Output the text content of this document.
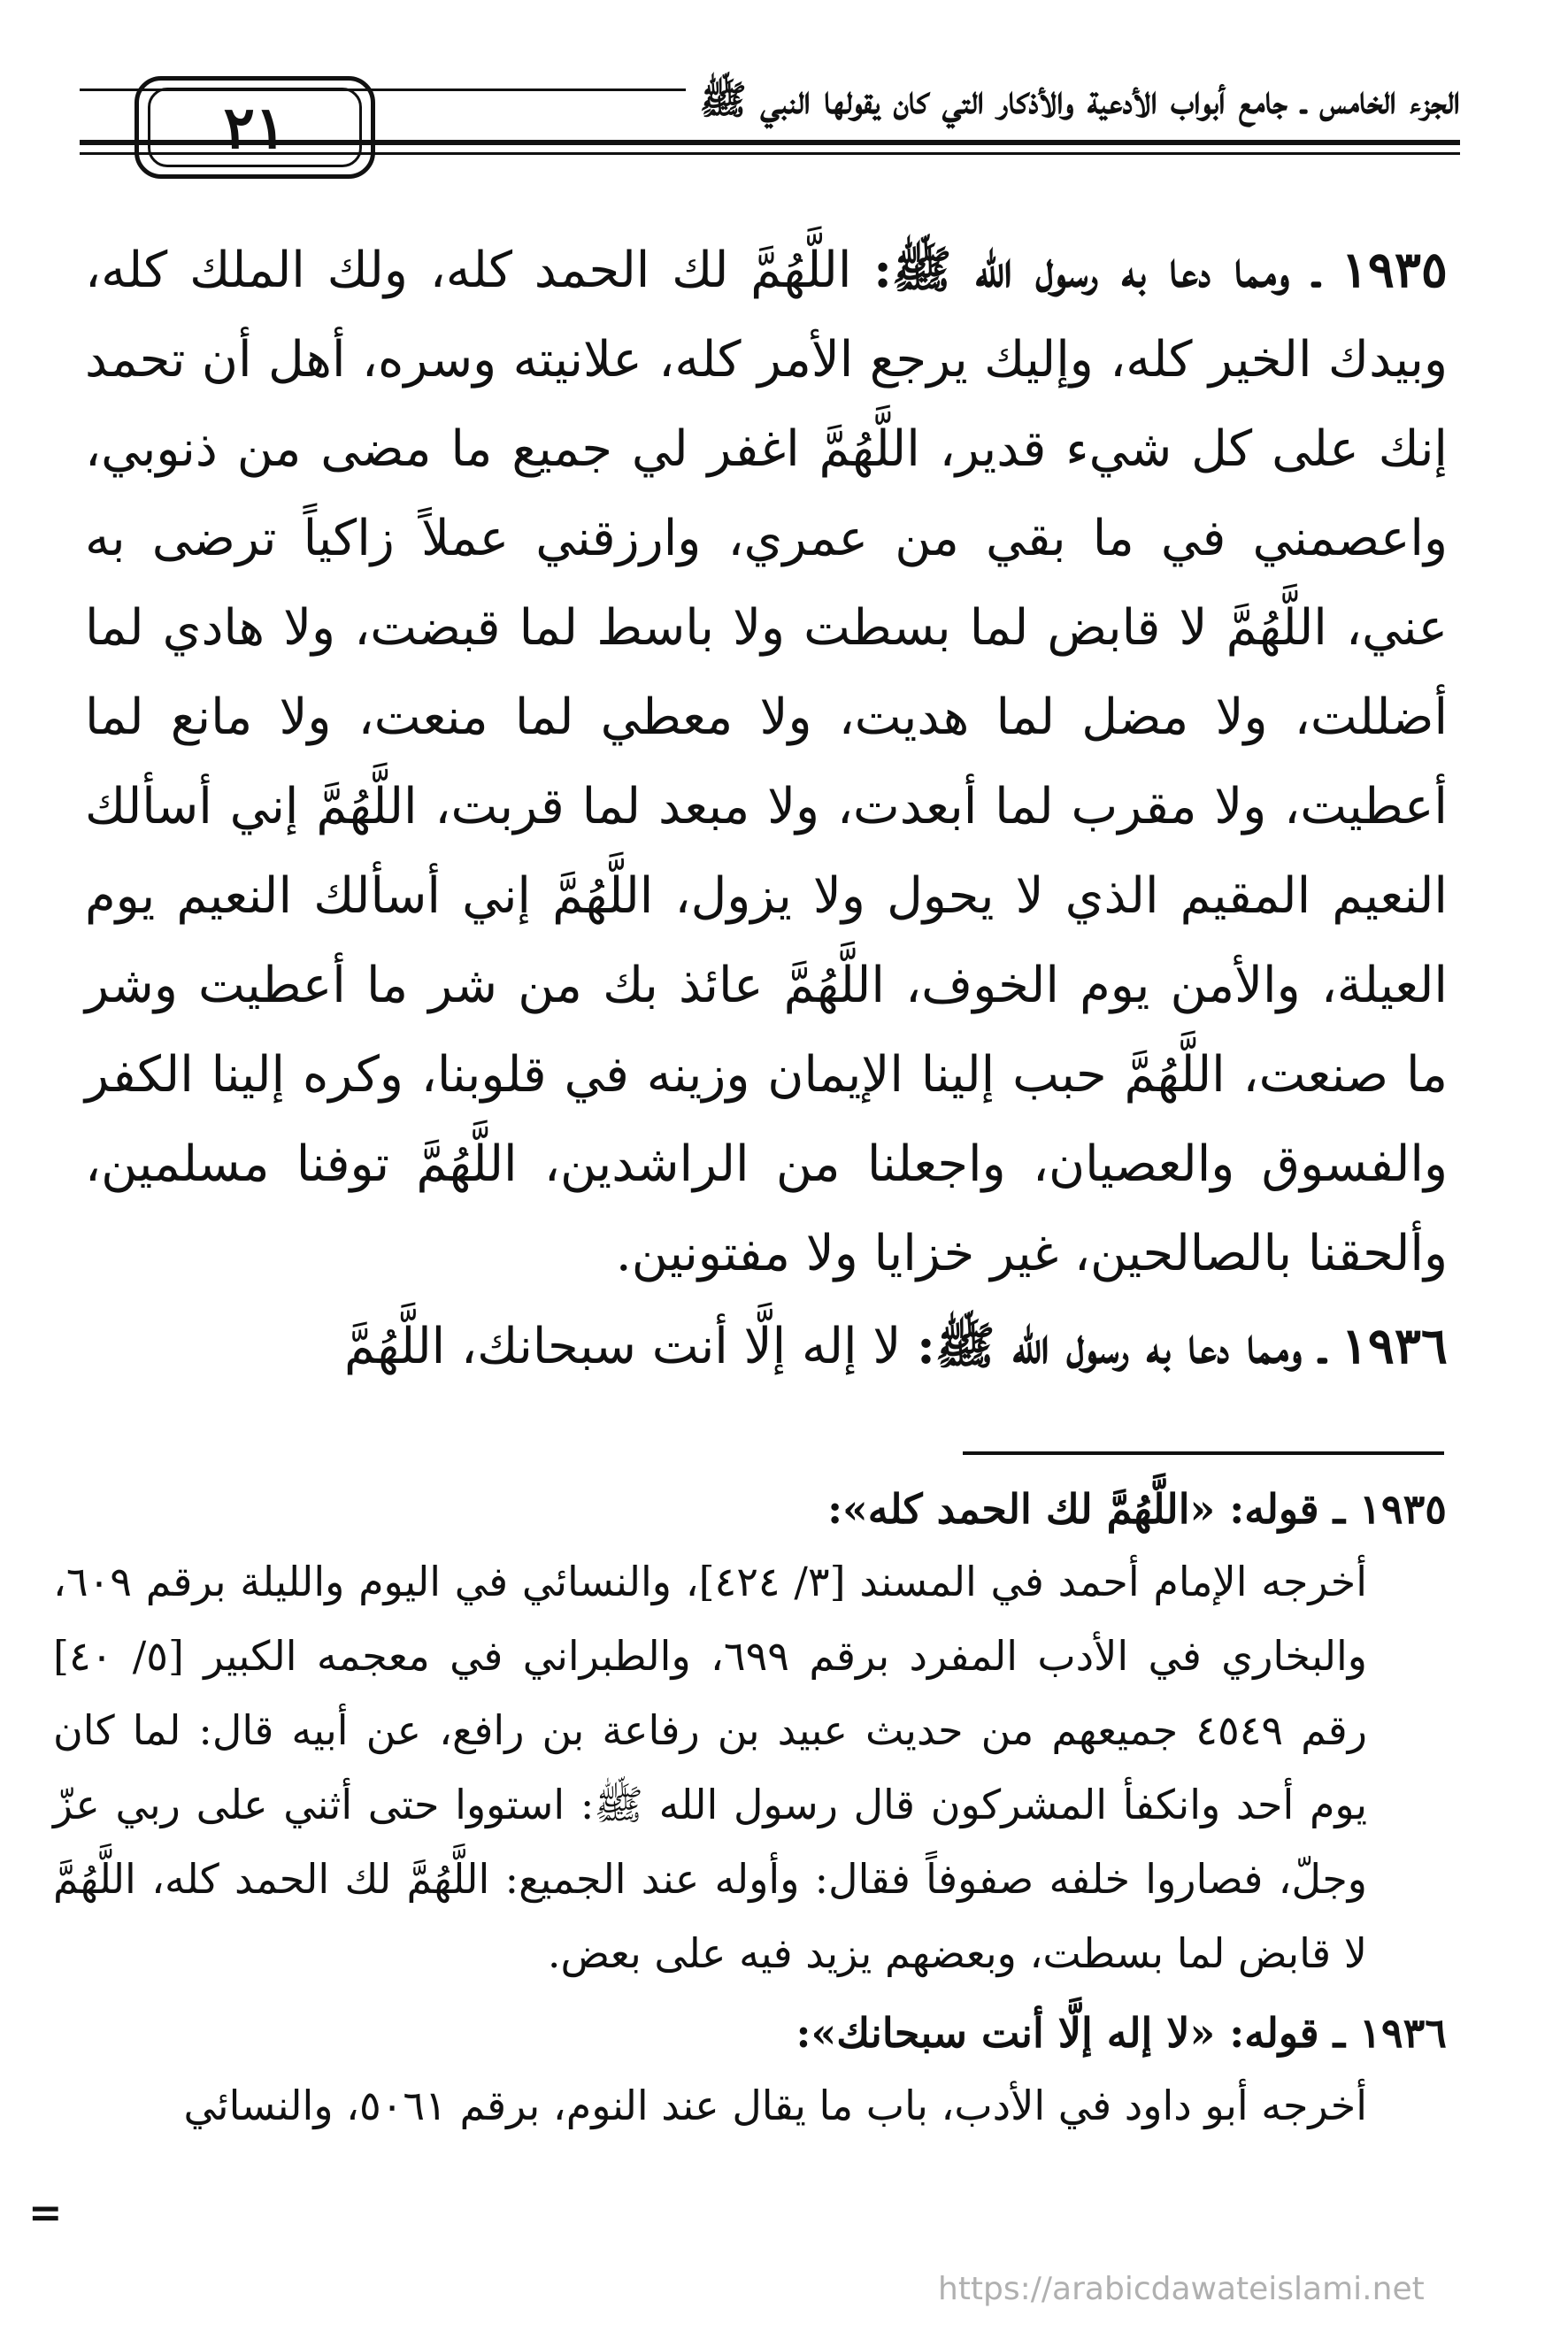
٢١	الجزء الخامس ـ جامع أبواب الأدعية والأذكار التي كان يقولها النبي ﷺ

١٩٣٥ ـ ومما دعا به رسول الله ﷺ: اللَّهُمَّ لك الحمد كله، ولك الملك كله، وبيدك الخير كله، وإليك يرجع الأمر كله، علانيته وسره، أهل أن تحمد إنك على كل شيء قدير، اللَّهُمَّ اغفر لي جميع ما مضى من ذنوبي، واعصمني في ما بقي من عمري، وارزقني عملاً زاكياً ترضى به عني، اللَّهُمَّ لا قابض لما بسطت ولا باسط لما قبضت، ولا هادي لما أضللت، ولا مضل لما هديت، ولا معطي لما منعت، ولا مانع لما أعطيت، ولا مقرب لما أبعدت، ولا مبعد لما قربت، اللَّهُمَّ إني أسألك النعيم المقيم الذي لا يحول ولا يزول، اللَّهُمَّ إني أسألك النعيم يوم العيلة، والأمن يوم الخوف، اللَّهُمَّ عائذ بك من شر ما أعطيت وشر ما صنعت، اللَّهُمَّ حبب إلينا الإيمان وزينه في قلوبنا، وكره إلينا الكفر والفسوق والعصيان، واجعلنا من الراشدين، اللَّهُمَّ توفنا مسلمين، وألحقنا بالصالحين، غير خزايا ولا مفتونين.

١٩٣٦ ـ ومما دعا به رسول الله ﷺ: لا إله إلَّا أنت سبحانك، اللَّهُمَّ

١٩٣٥ ـ قوله: «اللَّهُمَّ لك الحمد كله»:

أخرجه الإمام أحمد في المسند [٣/ ٤٢٤]، والنسائي في اليوم والليلة برقم ٦٠٩، والبخاري في الأدب المفرد برقم ٦٩٩، والطبراني في معجمه الكبير [٥/ ٤٠] رقم ٤٥٤٩ جميعهم من حديث عبيد بن رفاعة بن رافع، عن أبيه قال: لما كان يوم أحد وانكفأ المشركون قال رسول الله ﷺ: استووا حتى أثني على ربي عزّ وجلّ، فصاروا خلفه صفوفاً فقال: وأوله عند الجميع: اللَّهُمَّ لك الحمد كله، اللَّهُمَّ لا قابض لما بسطت، وبعضهم يزيد فيه على بعض.

١٩٣٦ ـ قوله: «لا إله إلَّا أنت سبحانك»:

أخرجه أبو داود في الأدب، باب ما يقال عند النوم، برقم ٥٠٦١، والنسائي

=
https://arabicdawateislami.net
